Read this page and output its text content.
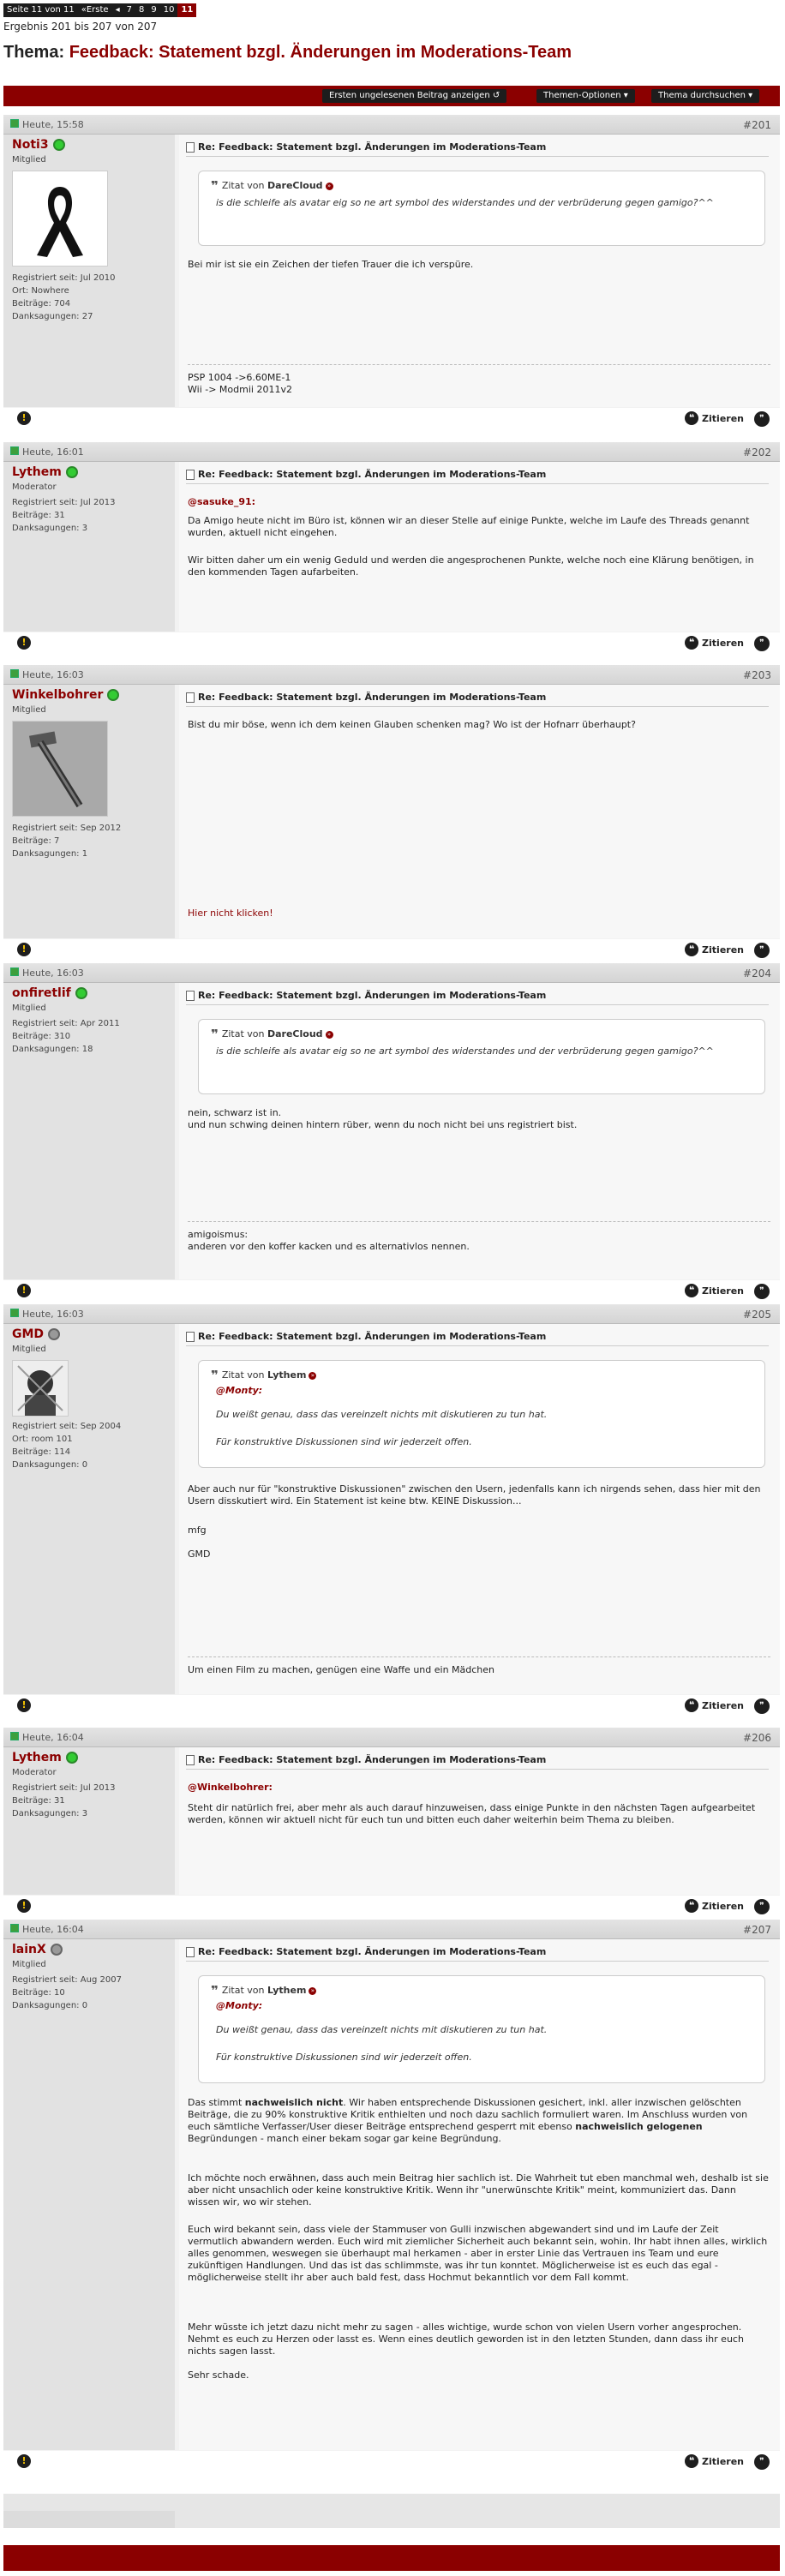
Seite 11 von 11 «Erste ◂ 7 8 9 10 11
Ergebnis 201 bis 207 von 207
Thema: Feedback: Statement bzgl. Änderungen im Moderations-Team
Ersten ungelesenen Beitrag anzeigen ↺	Themen-Optionen ▾	Thema durchsuchen ▾
Heute, 15:58	#201
Noti3
Mitglied
Registriert seit: Jul 2010
Ort: Nowhere
Beiträge: 704
Danksagungen: 27
Re: Feedback: Statement bzgl. Änderungen im Moderations-Team
❞ Zitat von DareCloud »
is die schleife als avatar eig so ne art symbol des widerstandes und der verbrüderung gegen gamigo?^^
Bei mir ist sie ein Zeichen der tiefen Trauer die ich verspüre.
PSP 1004 ->6.60ME-1
Wii -> Modmii 2011v2
!	❝ Zitieren	❞
Heute, 16:01	#202
Lythem
Moderator
Registriert seit: Jul 2013
Beiträge: 31
Danksagungen: 3
Re: Feedback: Statement bzgl. Änderungen im Moderations-Team
@sasuke_91:
Da Amigo heute nicht im Büro ist, können wir an dieser Stelle auf einige Punkte, welche im Laufe des Threads genannt wurden, aktuell nicht eingehen.
Wir bitten daher um ein wenig Geduld und werden die angesprochenen Punkte, welche noch eine Klärung benötigen, in den kommenden Tagen aufarbeiten.
!	❝ Zitieren	❞
Heute, 16:03	#203
Winkelbohrer
Mitglied
Registriert seit: Sep 2012
Beiträge: 7
Danksagungen: 1
Re: Feedback: Statement bzgl. Änderungen im Moderations-Team
Bist du mir böse, wenn ich dem keinen Glauben schenken mag? Wo ist der Hofnarr überhaupt?
Hier nicht klicken!
!	❝ Zitieren	❞
Heute, 16:03	#204
onfiretlif
Mitglied
Registriert seit: Apr 2011
Beiträge: 310
Danksagungen: 18
Re: Feedback: Statement bzgl. Änderungen im Moderations-Team
❞ Zitat von DareCloud »
is die schleife als avatar eig so ne art symbol des widerstandes und der verbrüderung gegen gamigo?^^
nein, schwarz ist in.
und nun schwing deinen hintern rüber, wenn du noch nicht bei uns registriert bist.
amigoismus:
anderen vor den koffer kacken und es alternativlos nennen.
!	❝ Zitieren	❞
Heute, 16:03	#205
GMD
Mitglied
Registriert seit: Sep 2004
Ort: room 101
Beiträge: 114
Danksagungen: 0
Re: Feedback: Statement bzgl. Änderungen im Moderations-Team
❞ Zitat von Lythem »
@Monty:
Du weißt genau, dass das vereinzelt nichts mit diskutieren zu tun hat.
Für konstruktive Diskussionen sind wir jederzeit offen.
Aber auch nur für "konstruktive Diskussionen" zwischen den Usern, jedenfalls kann ich nirgends sehen, dass hier mit den Usern disskutiert wird. Ein Statement ist keine btw. KEINE Diskussion...
mfg
GMD
Um einen Film zu machen, genügen eine Waffe und ein Mädchen
!	❝ Zitieren	❞
Heute, 16:04	#206
Lythem
Moderator
Registriert seit: Jul 2013
Beiträge: 31
Danksagungen: 3
Re: Feedback: Statement bzgl. Änderungen im Moderations-Team
@Winkelbohrer:
Steht dir natürlich frei, aber mehr als auch darauf hinzuweisen, dass einige Punkte in den nächsten Tagen aufgearbeitet werden, können wir aktuell nicht für euch tun und bitten euch daher weiterhin beim Thema zu bleiben.
!	❝ Zitieren	❞
Heute, 16:04	#207
lainX
Mitglied
Registriert seit: Aug 2007
Beiträge: 10
Danksagungen: 0
Re: Feedback: Statement bzgl. Änderungen im Moderations-Team
❞ Zitat von Lythem »
@Monty:
Du weißt genau, dass das vereinzelt nichts mit diskutieren zu tun hat.
Für konstruktive Diskussionen sind wir jederzeit offen.
Das stimmt nachweislich nicht. Wir haben entsprechende Diskussionen gesichert, inkl. aller inzwischen gelöschten Beiträge, die zu 90% konstruktive Kritik enthielten und noch dazu sachlich formuliert waren. Im Anschluss wurden von euch sämtliche Verfasser/User dieser Beiträge entsprechend gesperrt mit ebenso nachweislich gelogenen Begründungen - manch einer bekam sogar gar keine Begründung.
Ich möchte noch erwähnen, dass auch mein Beitrag hier sachlich ist. Die Wahrheit tut eben manchmal weh, deshalb ist sie aber nicht unsachlich oder keine konstruktive Kritik. Wenn ihr "unerwünschte Kritik" meint, kommuniziert das. Dann wissen wir, wo wir stehen.
Euch wird bekannt sein, dass viele der Stammuser von Gulli inzwischen abgewandert sind und im Laufe der Zeit vermutlich abwandern werden. Euch wird mit ziemlicher Sicherheit auch bekannt sein, wohin. Ihr habt ihnen alles, wirklich alles genommen, weswegen sie überhaupt mal herkamen - aber in erster Linie das Vertrauen ins Team und eure zukünftigen Handlungen. Und das ist das schlimmste, was ihr tun konntet. Möglicherweise ist es euch das egal - möglicherweise stellt ihr aber auch bald fest, dass Hochmut bekanntlich vor dem Fall kommt.
Mehr wüsste ich jetzt dazu nicht mehr zu sagen - alles wichtige, wurde schon von vielen Usern vorher angesprochen. Nehmt es euch zu Herzen oder lasst es. Wenn eines deutlich geworden ist in den letzten Stunden, dann dass ihr euch nichts sagen lasst.
Sehr schade.
!	❝ Zitieren	❞
